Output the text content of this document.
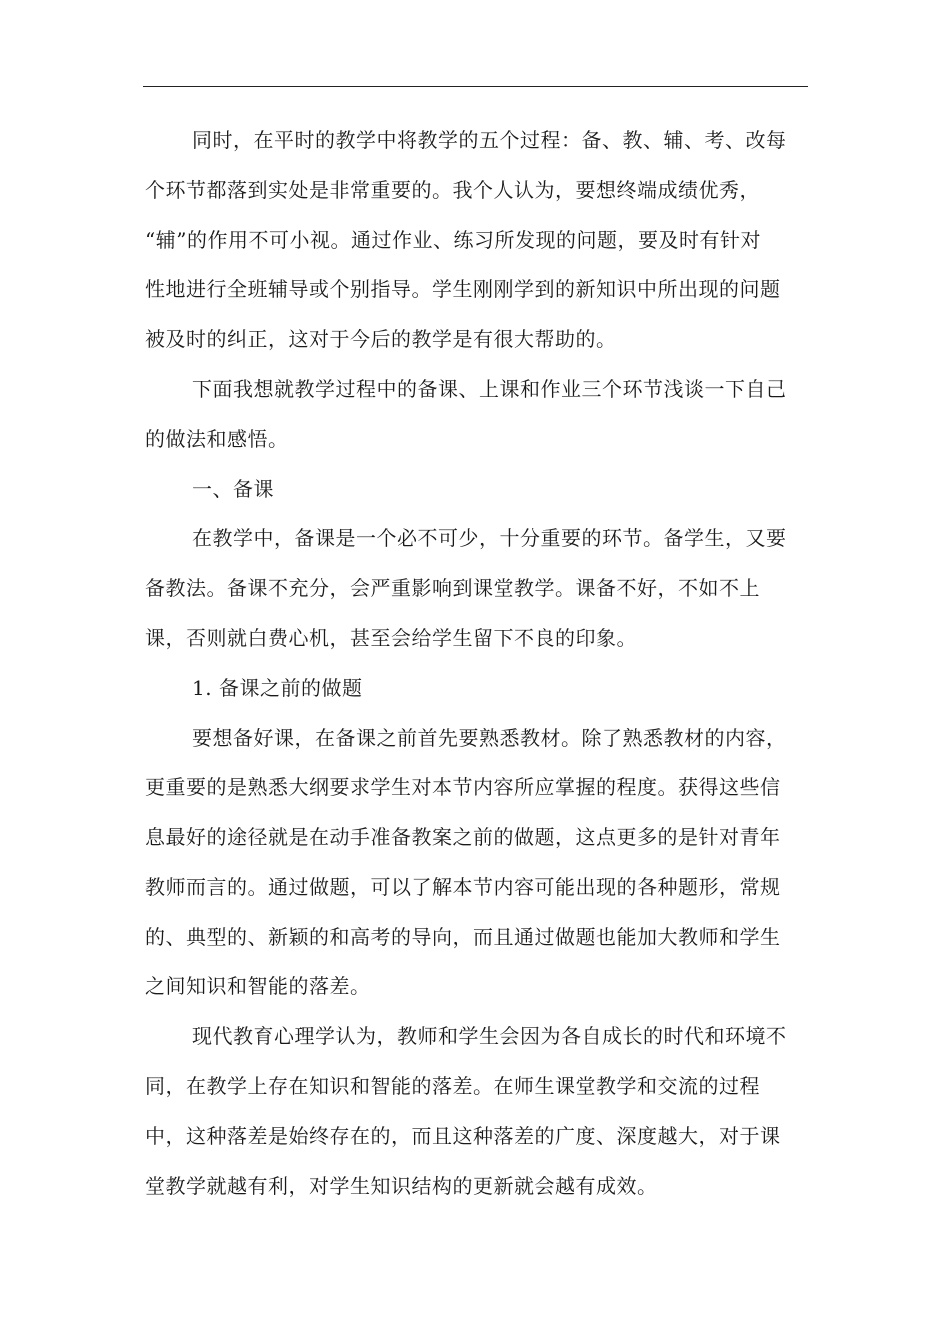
同时，在平时的教学中将教学的五个过程：备、教、辅、考、改每
个环节都落到实处是非常重要的。我个人认为，要想终端成绩优秀，
“辅”的作用不可小视。通过作业、练习所发现的问题，要及时有针对
性地进行全班辅导或个别指导。学生刚刚学到的新知识中所出现的问题
被及时的纠正，这对于今后的教学是有很大帮助的。
下面我想就教学过程中的备课、上课和作业三个环节浅谈一下自己
的做法和感悟。
一、备课
在教学中，备课是一个必不可少，十分重要的环节。备学生，又要
备教法。备课不充分，会严重影响到课堂教学。课备不好，不如不上
课，否则就白费心机，甚至会给学生留下不良的印象。
1. 备课之前的做题
要想备好课，在备课之前首先要熟悉教材。除了熟悉教材的内容，
更重要的是熟悉大纲要求学生对本节内容所应掌握的程度。获得这些信
息最好的途径就是在动手准备教案之前的做题，这点更多的是针对青年
教师而言的。通过做题，可以了解本节内容可能出现的各种题形，常规
的、典型的、新颖的和高考的导向，而且通过做题也能加大教师和学生
之间知识和智能的落差。
现代教育心理学认为，教师和学生会因为各自成长的时代和环境不
同，在教学上存在知识和智能的落差。在师生课堂教学和交流的过程
中，这种落差是始终存在的，而且这种落差的广度、深度越大，对于课
堂教学就越有利，对学生知识结构的更新就会越有成效。
